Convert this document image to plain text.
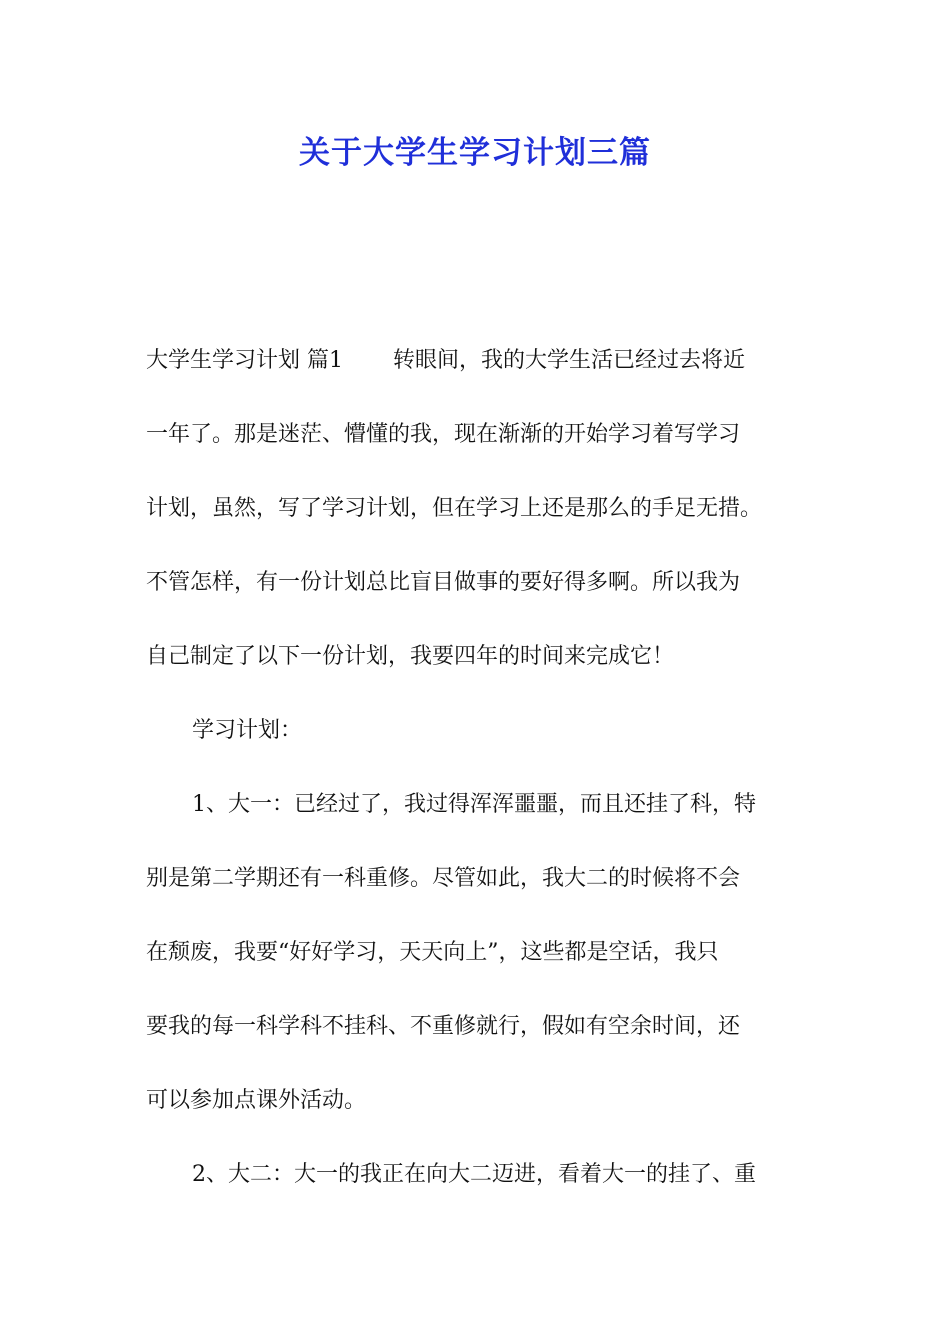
关于大学生学习计划三篇
大学生学习计划 篇1 转眼间，我的大学生活已经过去将近
一年了。那是迷茫、懵懂的我，现在渐渐的开始学习着写学习
计划，虽然，写了学习计划，但在学习上还是那么的手足无措。
不管怎样，有一份计划总比盲目做事的要好得多啊。所以我为
自己制定了以下一份计划，我要四年的时间来完成它！
学习计划：
1、大一：已经过了，我过得浑浑噩噩，而且还挂了科，特
别是第二学期还有一科重修。尽管如此，我大二的时候将不会
在颓废，我要“好好学习，天天向上”，这些都是空话，我只
要我的每一科学科不挂科、不重修就行，假如有空余时间，还
可以参加点课外活动。
2、大二：大一的我正在向大二迈进，看着大一的挂了、重
